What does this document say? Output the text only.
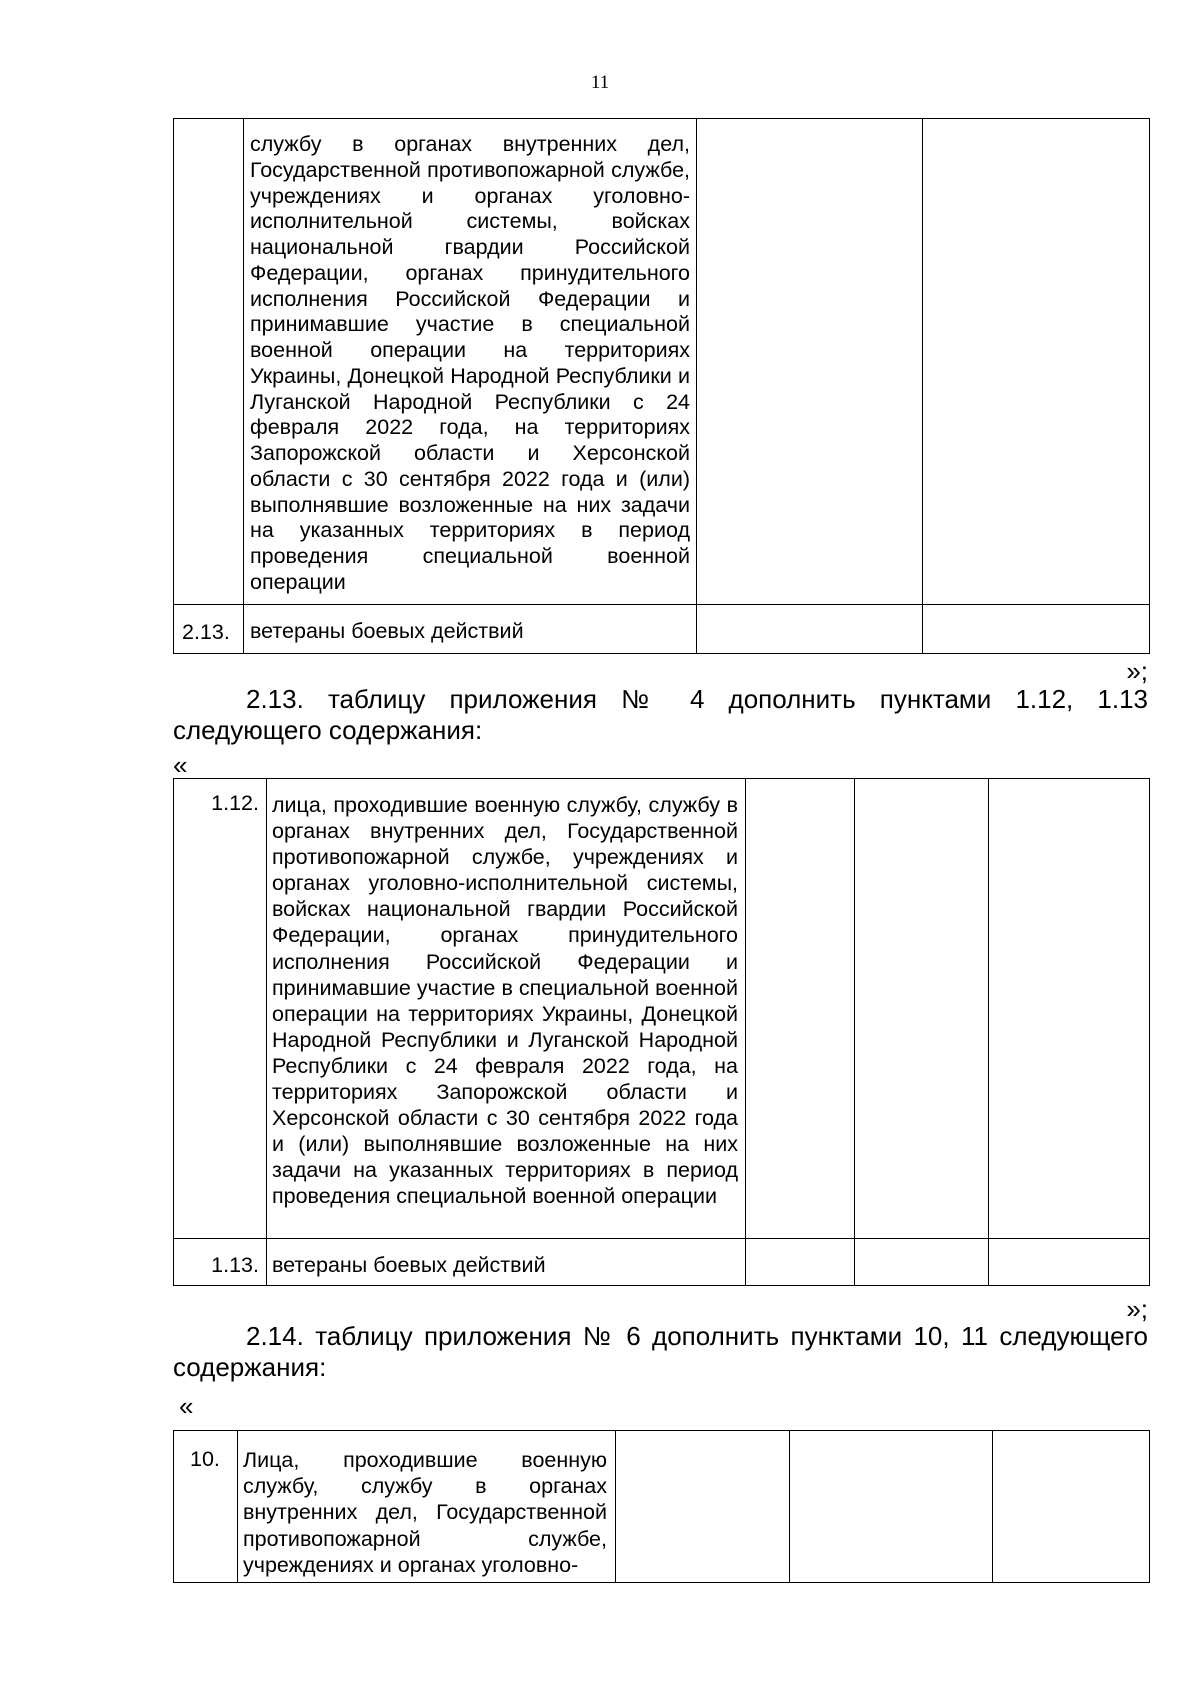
11

службу в органах внутренних дел, Государственной противопожарной службе, учреждениях и органах уголовно-исполнительной системы, войсках национальной гвардии Российской Федерации, органах принудительного исполнения Российской Федерации и принимавшие участие в специальной военной операции на территориях Украины, Донецкой Народной Республики и Луганской Народной Республики с 24 февраля 2022 года, на территориях Запорожской области и Херсонской области с 30 сентября 2022 года и (или) выполнявшие возложенные на них задачи на указанных территориях в период проведения специальной военной операции
2.13.	ветераны боевых действий		
»;
2.13. таблицу приложения № 4 дополнить пунктами 1.12, 1.13 следующего содержания:
«

1.12. лица, проходившие военную службу, службу в органах внутренних дел, Государственной противопожарной службе, учреждениях и органах уголовно-исполнительной системы, войсках национальной гвардии Российской Федерации, органах принудительного исполнения Российской Федерации и принимавшие участие в специальной военной операции на территориях Украины, Донецкой Народной Республики и Луганской Народной Республики с 24 февраля 2022 года, на территориях Запорожской области и Херсонской области с 30 сентября 2022 года и (или) выполнявшие возложенные на них задачи на указанных территориях в период проведения специальной военной операции
1.13. ветераны боевых действий
»;
2.14. таблицу приложения № 6 дополнить пунктами 10, 11 следующего содержания:
«

10. Лица, проходившие военную службу, службу в органах внутренних дел, Государственной противопожарной службе, учреждениях и органах уголовно-
